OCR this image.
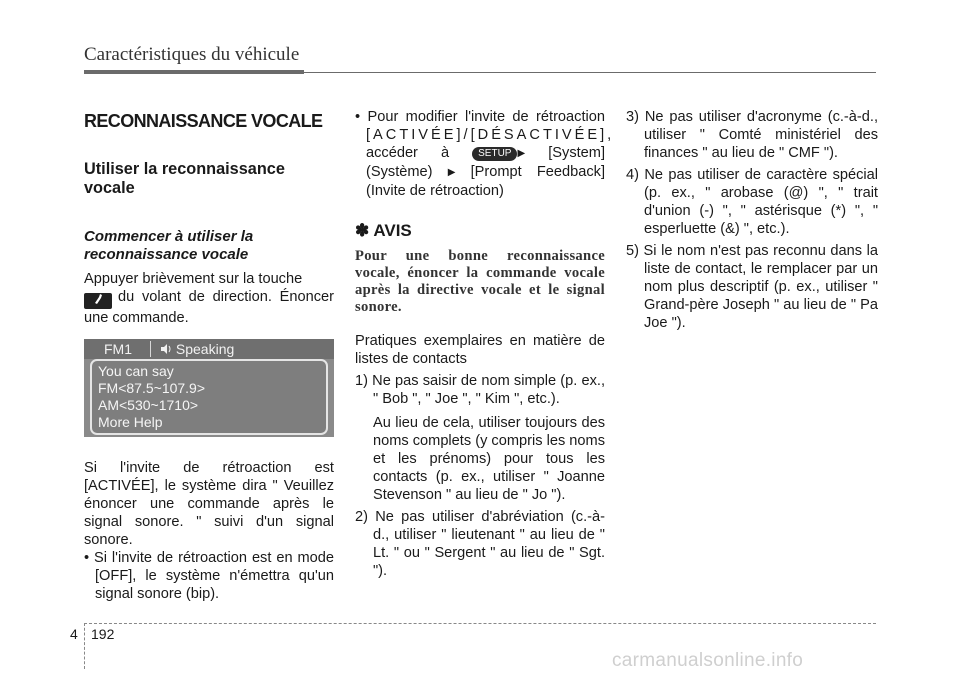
Caractéristiques du véhicule
RECONNAISSANCE VOCALE
Utiliser la reconnaissance vocale
Commencer à utiliser la reconnaissance vocale

Appuyer brièvement sur la touche
du volant de direction. Énoncer une commande.

FM1	Speaking
You can say
FM<87.5~107.9>
AM<530~1710>
More Help

Si l'invite de rétroaction est [ACTIVÉE], le système dira " Veuillez énoncer une commande après le signal sonore. " suivi d'un signal sonore.

• Si l'invite de rétroaction est en mode [OFF], le système n'émettra qu'un signal sonore (bip).

• Pour modifier l'invite de rétroaction [ACTIVÉE]/[DÉSACTIVÉE], accéder à	SETUP ▶ [System] (Système) ▶ [Prompt Feedback] (Invite de rétroaction)

✽ AVIS

Pour une bonne reconnaissance vocale, énoncer la commande vocale après la directive vocale et le signal sonore.

Pratiques exemplaires en matière de listes de contacts

1) Ne pas saisir de nom simple (p. ex., " Bob ", " Joe ", " Kim ", etc.).

Au lieu de cela, utiliser toujours des noms complets (y compris les noms et les prénoms) pour tous les contacts (p. ex., utiliser " Joanne Stevenson " au lieu de " Jo ").

2) Ne pas utiliser d'abréviation (c.-à-d., utiliser " lieutenant " au lieu de " Lt. " ou " Sergent " au lieu de " Sgt. ").

3) Ne pas utiliser d'acronyme (c.-à-d., utiliser " Comté ministériel des finances " au lieu de " CMF ").

4) Ne pas utiliser de caractère spécial (p. ex., " arobase (@) ", " trait d'union (-) ", " astérisque (*) ", " esperluette (&) ", etc.).

5) Si le nom n'est pas reconnu dans la liste de contact, le remplacer par un nom plus descriptif (p. ex., utiliser " Grand-père Joseph " au lieu de " Pa Joe ").

4 192
carmanualsonline.info
